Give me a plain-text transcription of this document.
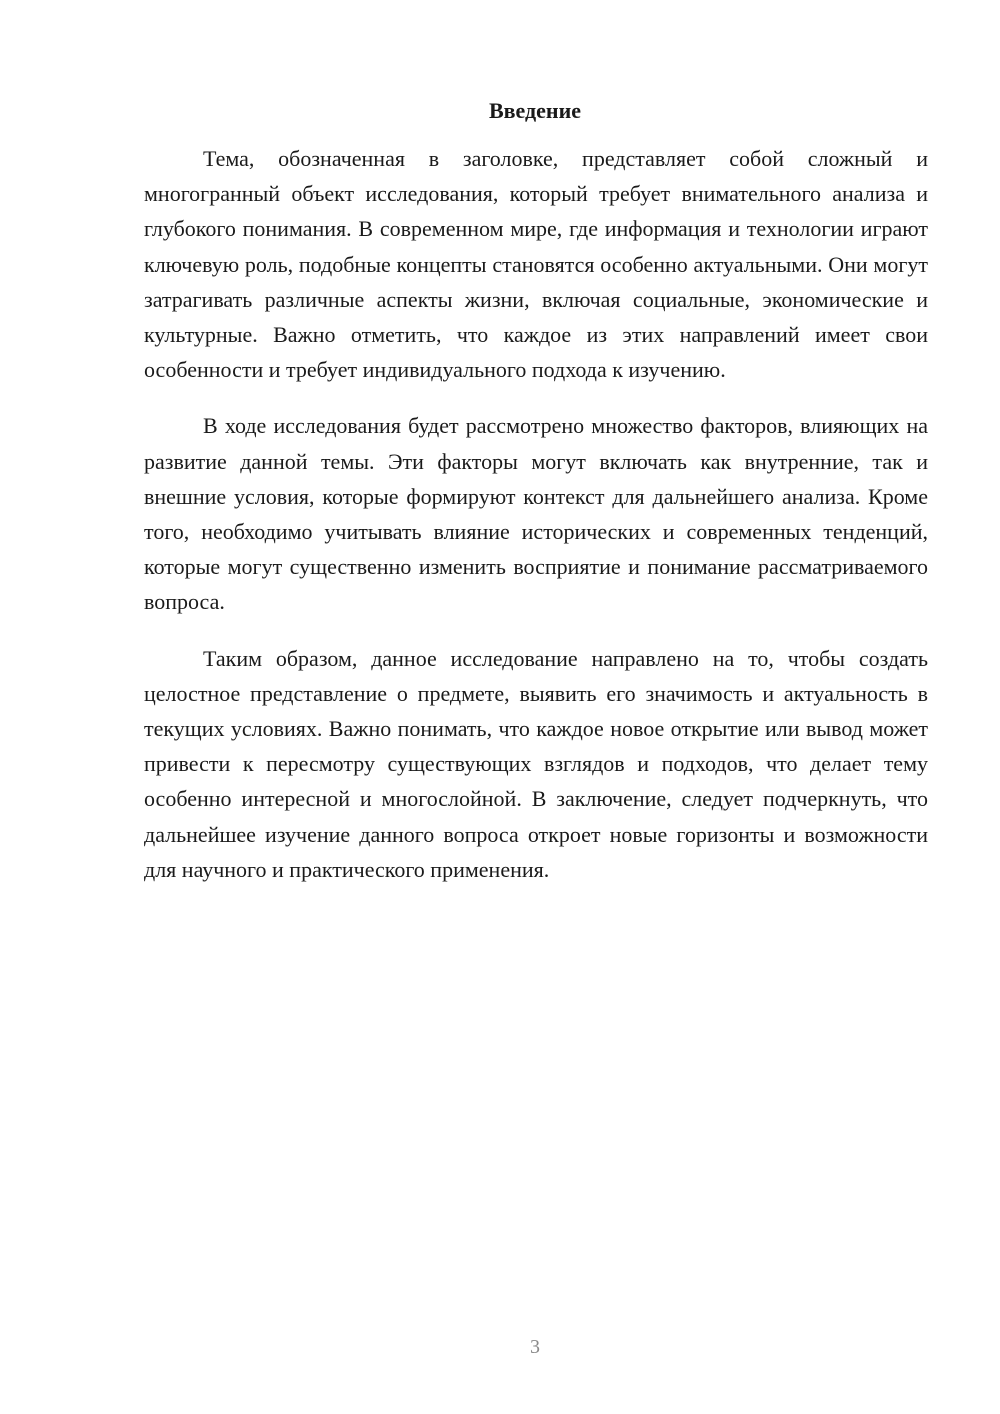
Введение

Тема, обозначенная в заголовке, представляет собой сложный и многогранный объект исследования, который требует внимательного анализа и глубокого понимания. В современном мире, где информация и технологии играют ключевую роль, подобные концепты становятся особенно актуальными. Они могут затрагивать различные аспекты жизни, включая социальные, экономические и культурные. Важно отметить, что каждое из этих направлений имеет свои особенности и требует индивидуального подхода к изучению.

В ходе исследования будет рассмотрено множество факторов, влияющих на развитие данной темы. Эти факторы могут включать как внутренние, так и внешние условия, которые формируют контекст для дальнейшего анализа. Кроме того, необходимо учитывать влияние исторических и современных тенденций, которые могут существенно изменить восприятие и понимание рассматриваемого вопроса.

Таким образом, данное исследование направлено на то, чтобы создать целостное представление о предмете, выявить его значимость и актуальность в текущих условиях. Важно понимать, что каждое новое открытие или вывод может привести к пересмотру существующих взглядов и подходов, что делает тему особенно интересной и многослойной. В заключение, следует подчеркнуть, что дальнейшее изучение данного вопроса откроет новые горизонты и возможности для научного и практического применения.

3
